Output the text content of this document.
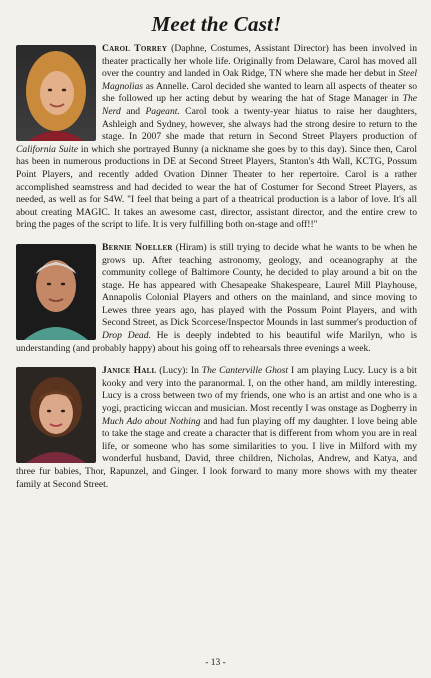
Meet the Cast!
Carol Torrey (Daphne, Costumes, Assistant Director) has been involved in theater practically her whole life. Originally from Delaware, Carol has moved all over the country and landed in Oak Ridge, TN where she made her debut in Steel Magnolias as Annelle. Carol decided she wanted to learn all aspects of theater so she followed up her acting debut by wearing the hat of Stage Manager in The Nerd and Pageant. Carol took a twenty-year hiatus to raise her daughters, Ashleigh and Sydney, however, she always had the strong desire to return to the stage. In 2007 she made that return in Second Street Players production of California Suite in which she portrayed Bunny (a nickname she goes by to this day). Since then, Carol has been in numerous productions in DE at Second Street Players, Stanton's 4th Wall, KCTG, Possum Point Players, and recently added Ovation Dinner Theater to her repertoire. Carol is a rather accomplished seamstress and had decided to wear the hat of Costumer for Second Street Players, as needed, as well as for S4W. "I feel that being a part of a theatrical production is a labor of love. It's all about creating MAGIC. It takes an awesome cast, director, assistant director, and the entire crew to bring the pages of the script to life. It is very fulfilling both on-stage and off!!"
Bernie Noeller (Hiram) is still trying to decide what he wants to be when he grows up. After teaching astronomy, geology, and oceanography at the community college of Baltimore County, he decided to play around a bit on the stage. He has appeared with Chesapeake Shakespeare, Laurel Mill Playhouse, Annapolis Colonial Players and others on the mainland, and since moving to Lewes three years ago, has played with the Possum Point Players, and with Second Street, as Dick Scorcese/Inspector Mounds in last summer's production of Drop Dead. He is deeply indebted to his beautiful wife Marilyn, who is understanding (and probably happy) about his going off to rehearsals three evenings a week.
Janice Hall (Lucy): In The Canterville Ghost I am playing Lucy. Lucy is a bit kooky and very into the paranormal. I, on the other hand, am mildly interesting. Lucy is a cross between two of my friends, one who is an artist and one who is a yogi, practicing wiccan and musician. Most recently I was onstage as Dogberry in Much Ado about Nothing and had fun playing off my daughter. I love being able to take the stage and create a character that is different from whom you are in real life, or someone who has some similarities to you. I live in Milford with my wonderful husband, David, three children, Nicholas, Andrew, and Katya, and three fur babies, Thor, Rapunzel, and Ginger. I look forward to many more shows with my theater family at Second Street.
- 13 -
